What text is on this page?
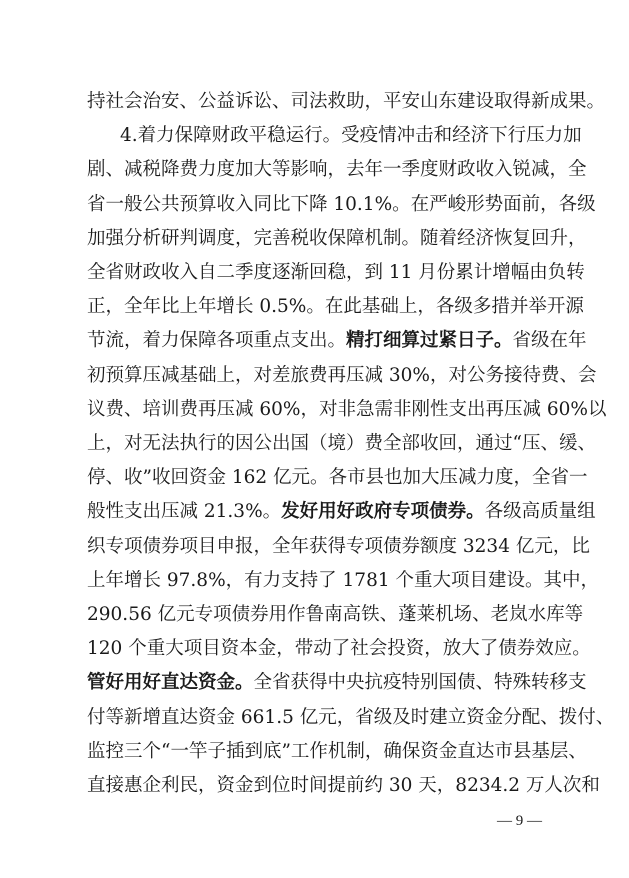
持社会治安、公益诉讼、司法救助，平安山东建设取得新成果。
4.着力保障财政平稳运行。受疫情冲击和经济下行压力加
剧、减税降费力度加大等影响，去年一季度财政收入锐减，全
省一般公共预算收入同比下降 10.1%。在严峻形势面前，各级
加强分析研判调度，完善税收保障机制。随着经济恢复回升，
全省财政收入自二季度逐渐回稳，到 11 月份累计增幅由负转
正，全年比上年增长 0.5%。在此基础上，各级多措并举开源
节流，着力保障各项重点支出。精打细算过紧日子。省级在年
初预算压减基础上，对差旅费再压减 30%，对公务接待费、会
议费、培训费再压减 60%，对非急需非刚性支出再压减 60%以
上，对无法执行的因公出国（境）费全部收回，通过“压、缓、
停、收”收回资金 162 亿元。各市县也加大压减力度，全省一
般性支出压减 21.3%。发好用好政府专项债券。各级高质量组
织专项债券项目申报，全年获得专项债券额度 3234 亿元，比
上年增长 97.8%，有力支持了 1781 个重大项目建设。其中，
290.56 亿元专项债券用作鲁南高铁、蓬莱机场、老岚水库等
120 个重大项目资本金，带动了社会投资，放大了债券效应。
管好用好直达资金。全省获得中央抗疫特别国债、特殊转移支
付等新增直达资金 661.5 亿元，省级及时建立资金分配、拨付、
监控三个“一竿子插到底”工作机制，确保资金直达市县基层、
直接惠企利民，资金到位时间提前约 30 天，8234.2 万人次和
— 9 —
